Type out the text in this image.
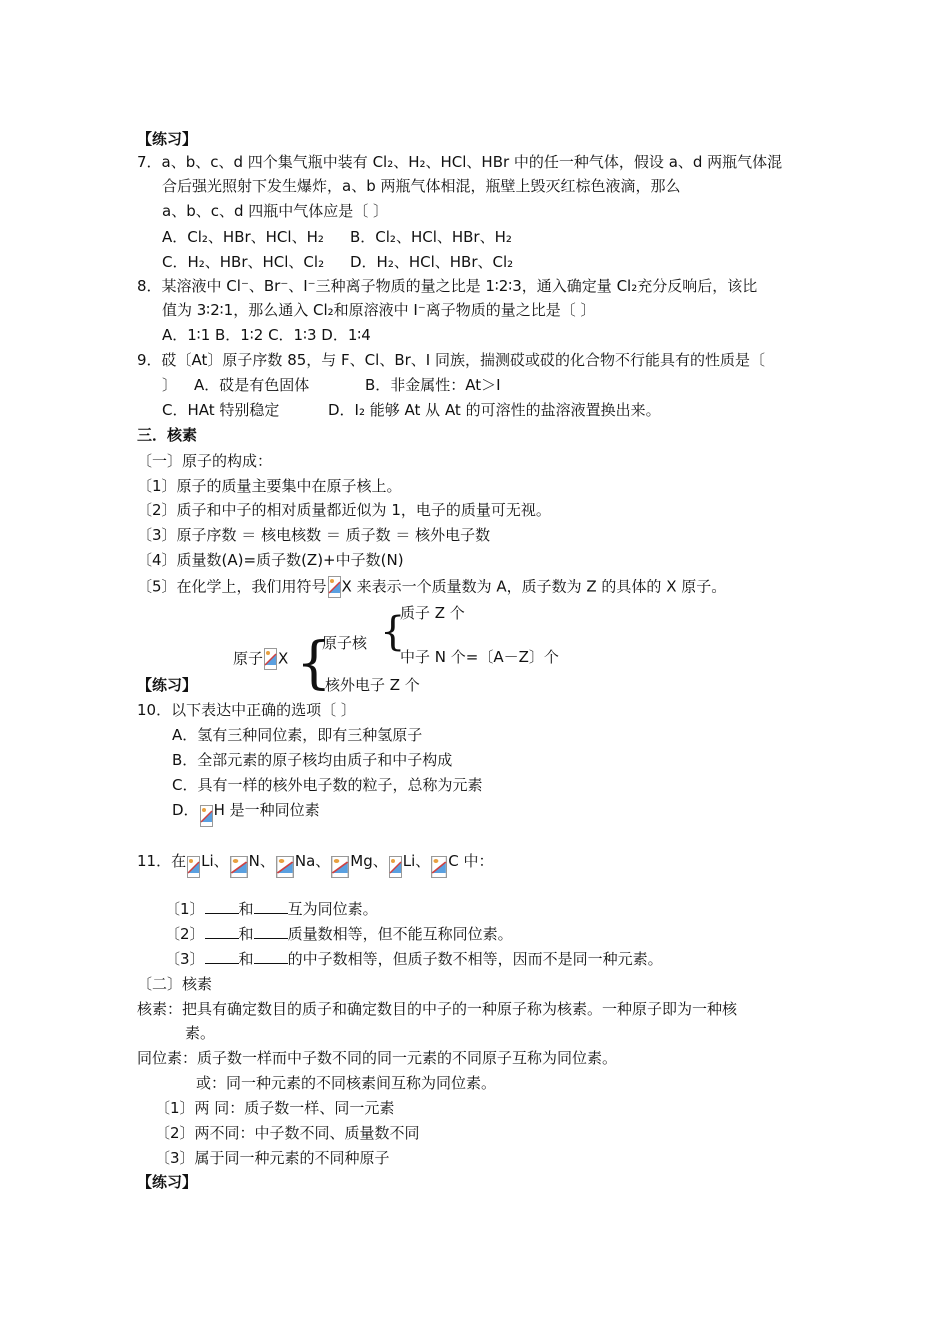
【练习】
7．a、b、c、d 四个集气瓶中装有 Cl₂、H₂、HCl、HBr 中的任一种气体，假设 a、d 两瓶气体混
合后强光照射下发生爆炸，a、b 两瓶气体相混，瓶壁上毁灭红棕色液滴，那么
a、b、c、d 四瓶中气体应是〔 〕
A．Cl₂、HBr、HCl、H₂ B．Cl₂、HCl、HBr、H₂
C．H₂、HBr、HCl、Cl₂ D．H₂、HCl、HBr、Cl₂
8．某溶液中 Cl⁻、Br⁻、I⁻三种离子物质的量之比是 1∶2∶3，通入确定量 Cl₂充分反响后，该比
值为 3∶2∶1，那么通入 Cl₂和原溶液中 I⁻离子物质的量之比是〔 〕
A．1∶1 B．1∶2 C．1∶3 D．1∶4
9．砹〔At〕原子序数 85，与 F、Cl、Br、I 同族，揣测砹或砹的化合物不行能具有的性质是〔
〕 A．砹是有色固体	B．非金属性：At＞I
C．HAt 特别稳定	D．I₂ 能够 At 从 At 的可溶性的盐溶液置换出来。
三．核素
〔一〕原子的构成：
〔1〕原子的质量主要集中在原子核上。
〔2〕质子和中子的相对质量都近似为 1，电子的质量可无视。
〔3〕原子序数 ＝ 核电核数 ＝ 质子数 ＝ 核外电子数
〔4〕质量数(A)=质子数(Z)+中子数(N)
〔5〕在化学上，我们用符号 X 来表示一个质量数为 A，质子数为 Z 的具体的 X 原子。
原子 X {
原子核 {
质子 Z 个
中子 N 个=〔A－Z〕个
核外电子 Z 个
【练习】
10．以下表达中正确的选项〔 〕
A．氢有三种同位素，即有三种氢原子
B．全部元素的原子核均由质子和中子构成
C．具有一样的核外电子数的粒子，总称为元素
D． H 是一种同位素
11．在 Li、 N、 Na、 Mg、 Li、 C 中：
〔1〕 和 互为同位素。
〔2〕 和 质量数相等，但不能互称同位素。
〔3〕 和 的中子数相等，但质子数不相等，因而不是同一种元素。
〔二〕核素
核素：把具有确定数目的质子和确定数目的中子的一种原子称为核素。一种原子即为一种核
素。
同位素：质子数一样而中子数不同的同一元素的不同原子互称为同位素。
或：同一种元素的不同核素间互称为同位素。
〔1〕两 同：质子数一样、同一元素
〔2〕两不同：中子数不同、质量数不同
〔3〕属于同一种元素的不同种原子
【练习】
